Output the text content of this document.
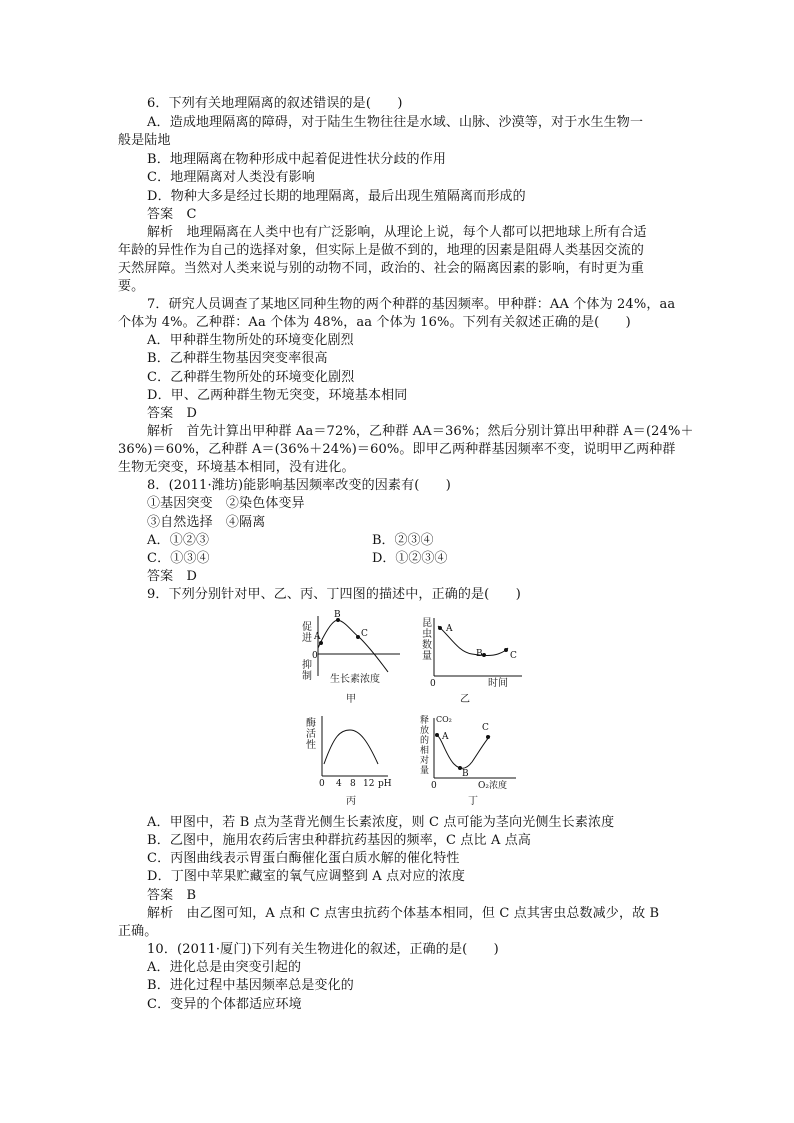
6．下列有关地理隔离的叙述错误的是(　　)
A．造成地理隔离的障碍，对于陆生生物往往是水域、山脉、沙漠等，对于水生生物一
般是陆地
B．地理隔离在物种形成中起着促进性状分歧的作用
C．地理隔离对人类没有影响
D．物种大多是经过长期的地理隔离，最后出现生殖隔离而形成的
答案　C
解析　地理隔离在人类中也有广泛影响，从理论上说，每个人都可以把地球上所有合适
年龄的异性作为自己的选择对象，但实际上是做不到的，地理的因素是阻碍人类基因交流的
天然屏障。当然对人类来说与别的动物不同，政治的、社会的隔离因素的影响，有时更为重
要。
7．研究人员调查了某地区同种生物的两个种群的基因频率。甲种群：AA 个体为 24%，aa
个体为 4%。乙种群：Aa 个体为 48%，aa 个体为 16%。下列有关叙述正确的是(　　)
A．甲种群生物所处的环境变化剧烈
B．乙种群生物基因突变率很高
C．乙种群生物所处的环境变化剧烈
D．甲、乙两种群生物无突变，环境基本相同
答案　D
解析　首先计算出甲种群 Aa＝72%，乙种群 AA＝36%；然后分别计算出甲种群 A＝(24%＋
36%)＝60%，乙种群 A＝(36%＋24%)＝60%。即甲乙两种群基因频率不变，说明甲乙两种群
生物无突变，环境基本相同，没有进化。
8．(2011·潍坊)能影响基因频率改变的因素有(　　)
①基因突变　②染色体变异
③自然选择　④隔离
A．①②③	B．②③④
C．①③④	D．①②③④
答案　D
9．下列分别针对甲、乙、丙、丁四图的描述中，正确的是(　　)
A
B
C
0
生长素浓度
甲
促进
抑制
A
B	C
0	时间
乙
昆虫数量
0 4 8 12 pH
丙
酶活性
A
B
C
CO₂
0	O₂浓度
丁
释放的相对量
A．甲图中，若 B 点为茎背光侧生长素浓度，则 C 点可能为茎向光侧生长素浓度
B．乙图中，施用农药后害虫种群抗药基因的频率，C 点比 A 点高
C．丙图曲线表示胃蛋白酶催化蛋白质水解的催化特性
D．丁图中苹果贮藏室的氧气应调整到 A 点对应的浓度
答案　B
解析　由乙图可知，A 点和 C 点害虫抗药个体基本相同，但 C 点其害虫总数减少，故 B
正确。
10．(2011·厦门)下列有关生物进化的叙述，正确的是(　　)
A．进化总是由突变引起的
B．进化过程中基因频率总是变化的
C．变异的个体都适应环境
